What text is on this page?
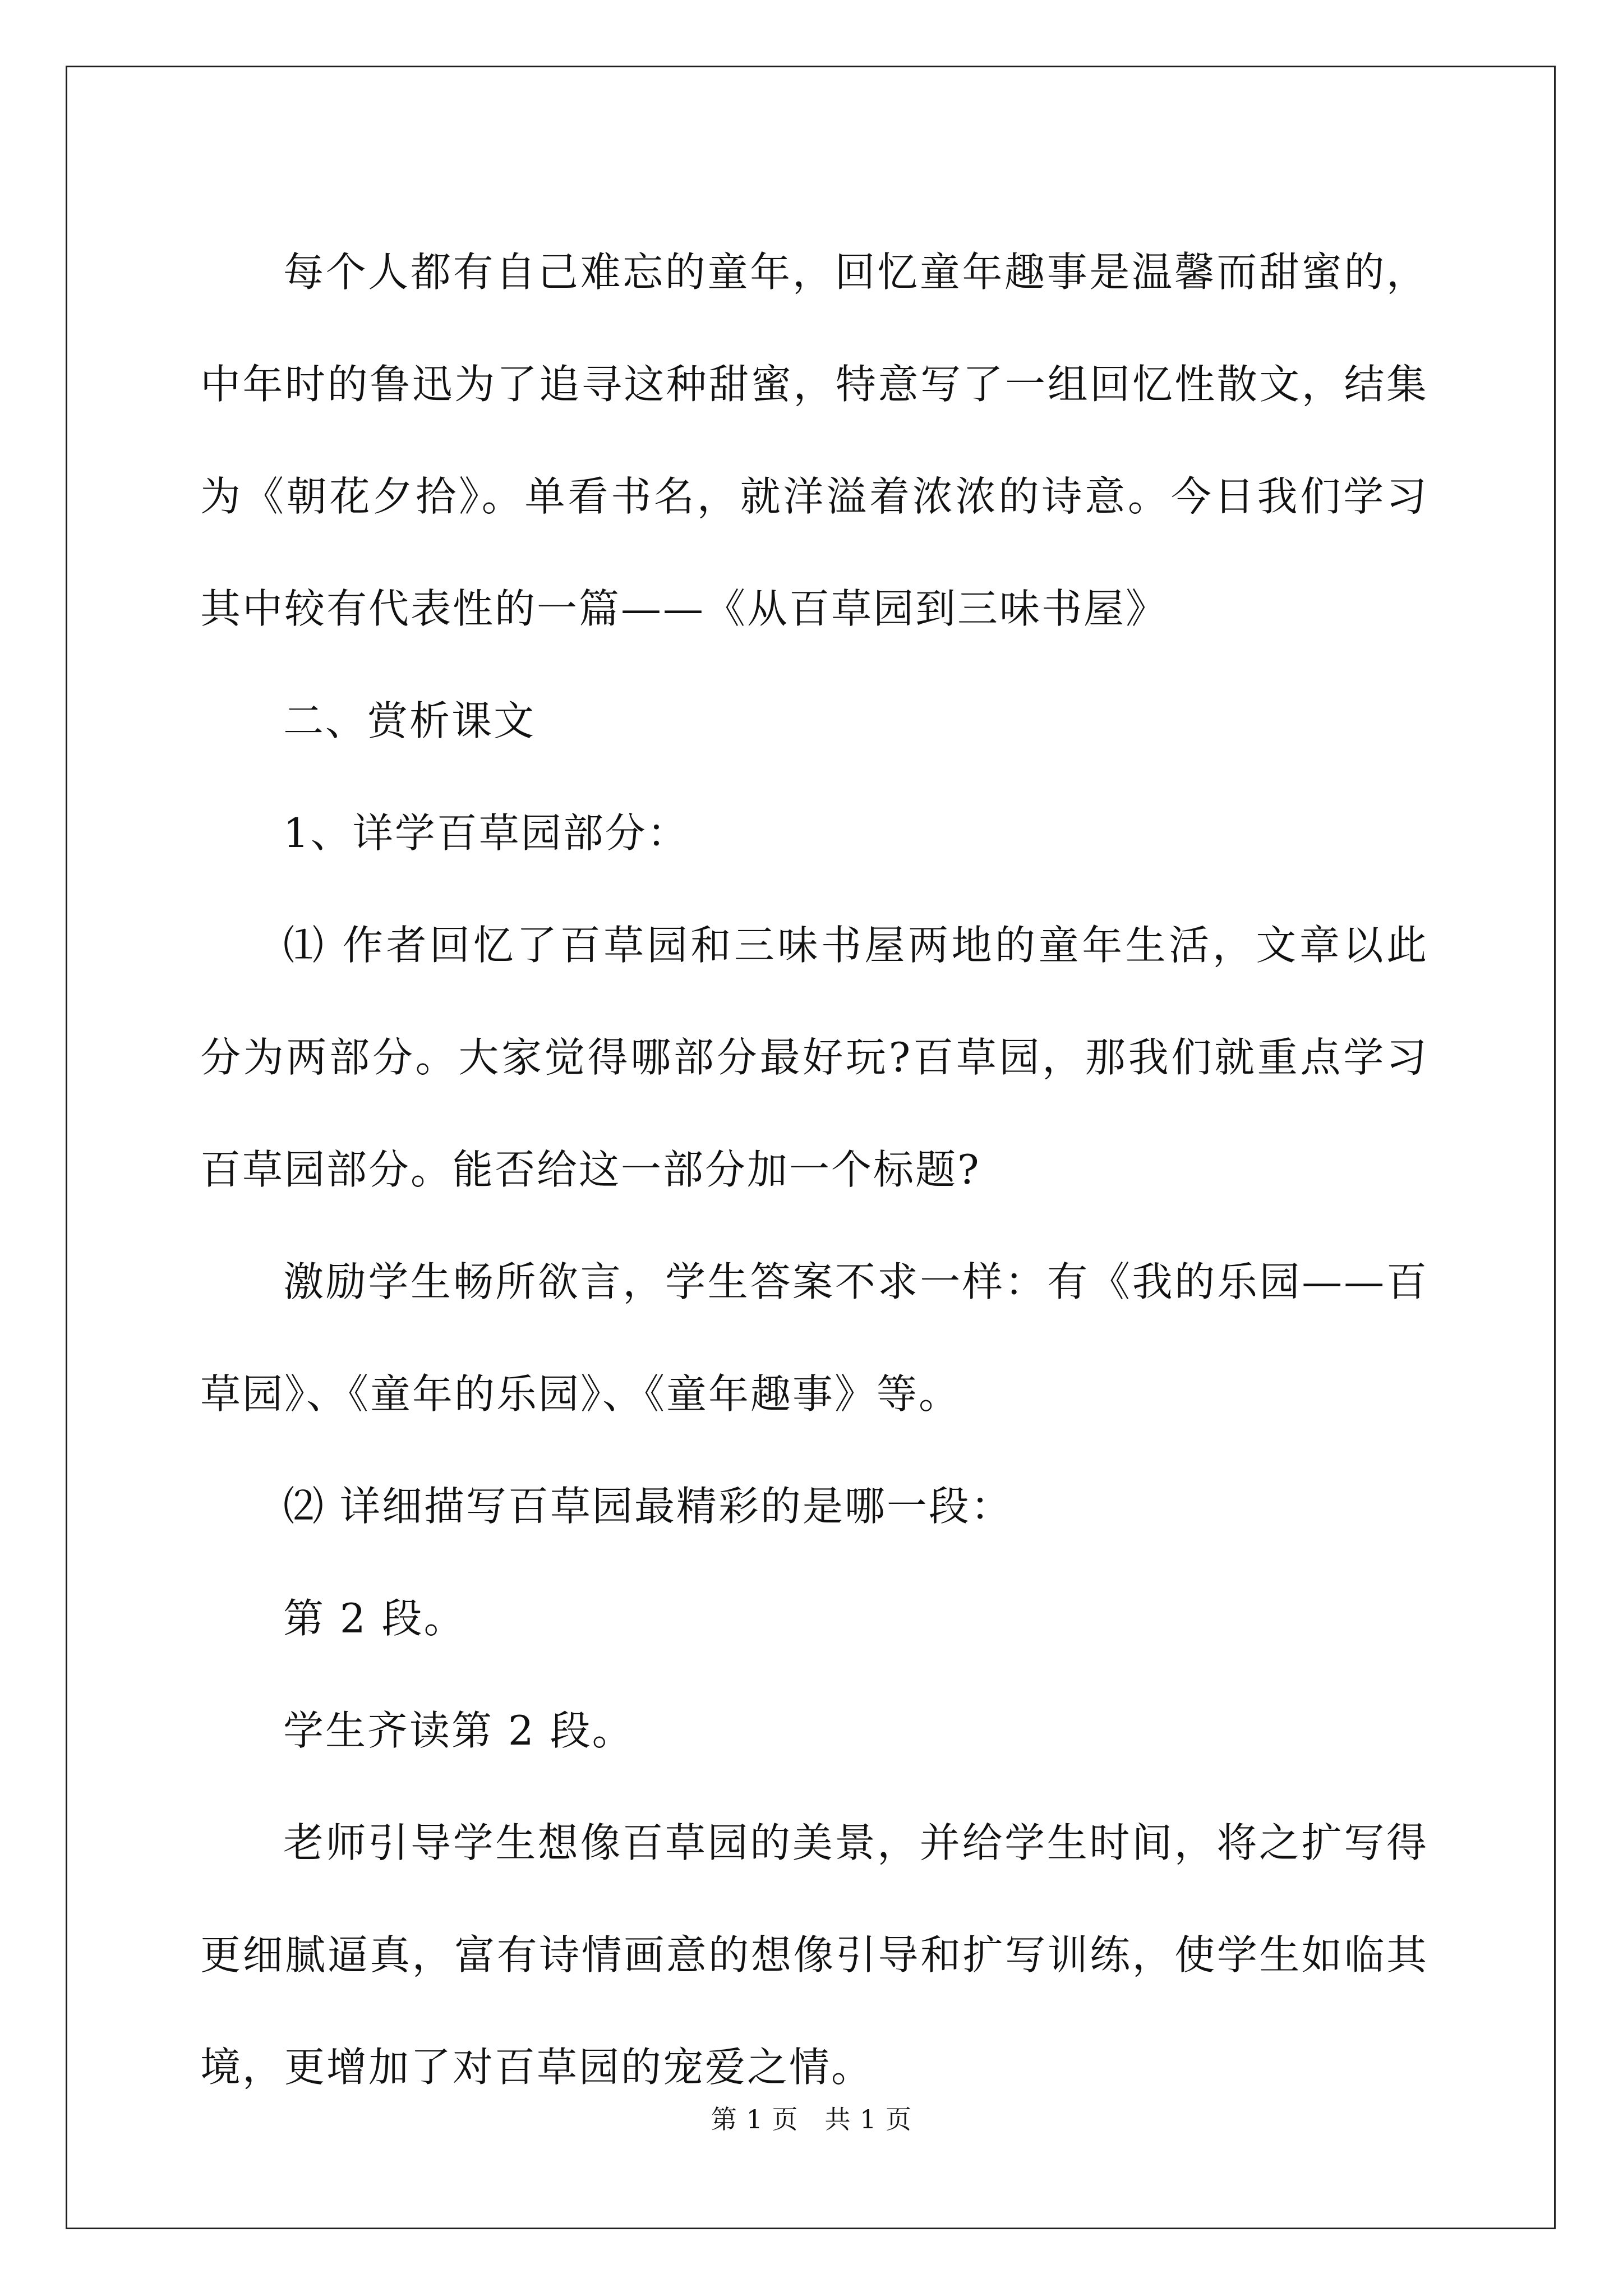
每个人都有自己难忘的童年，回忆童年趣事是温馨而甜蜜的，中年时的鲁迅为了追寻这种甜蜜，特意写了一组回忆性散文，结集为《朝花夕拾》。单看书名，就洋溢着浓浓的诗意。今日我们学习其中较有代表性的一篇——《从百草园到三味书屋》

二、赏析课文

1、详学百草园部分：

⑴ 作者回忆了百草园和三味书屋两地的童年生活，文章以此分为两部分。大家觉得哪部分最好玩?百草园，那我们就重点学习百草园部分。能否给这一部分加一个标题?

激励学生畅所欲言，学生答案不求一样：有《我的乐园——百草园》、《童年的乐园》、《童年趣事》等。

⑵ 详细描写百草园最精彩的是哪一段：

第 2 段。

学生齐读第 2 段。

老师引导学生想像百草园的美景，并给学生时间，将之扩写得更细腻逼真，富有诗情画意的想像引导和扩写训练，使学生如临其境，更增加了对百草园的宠爱之情。

第 1 页　共 1 页
